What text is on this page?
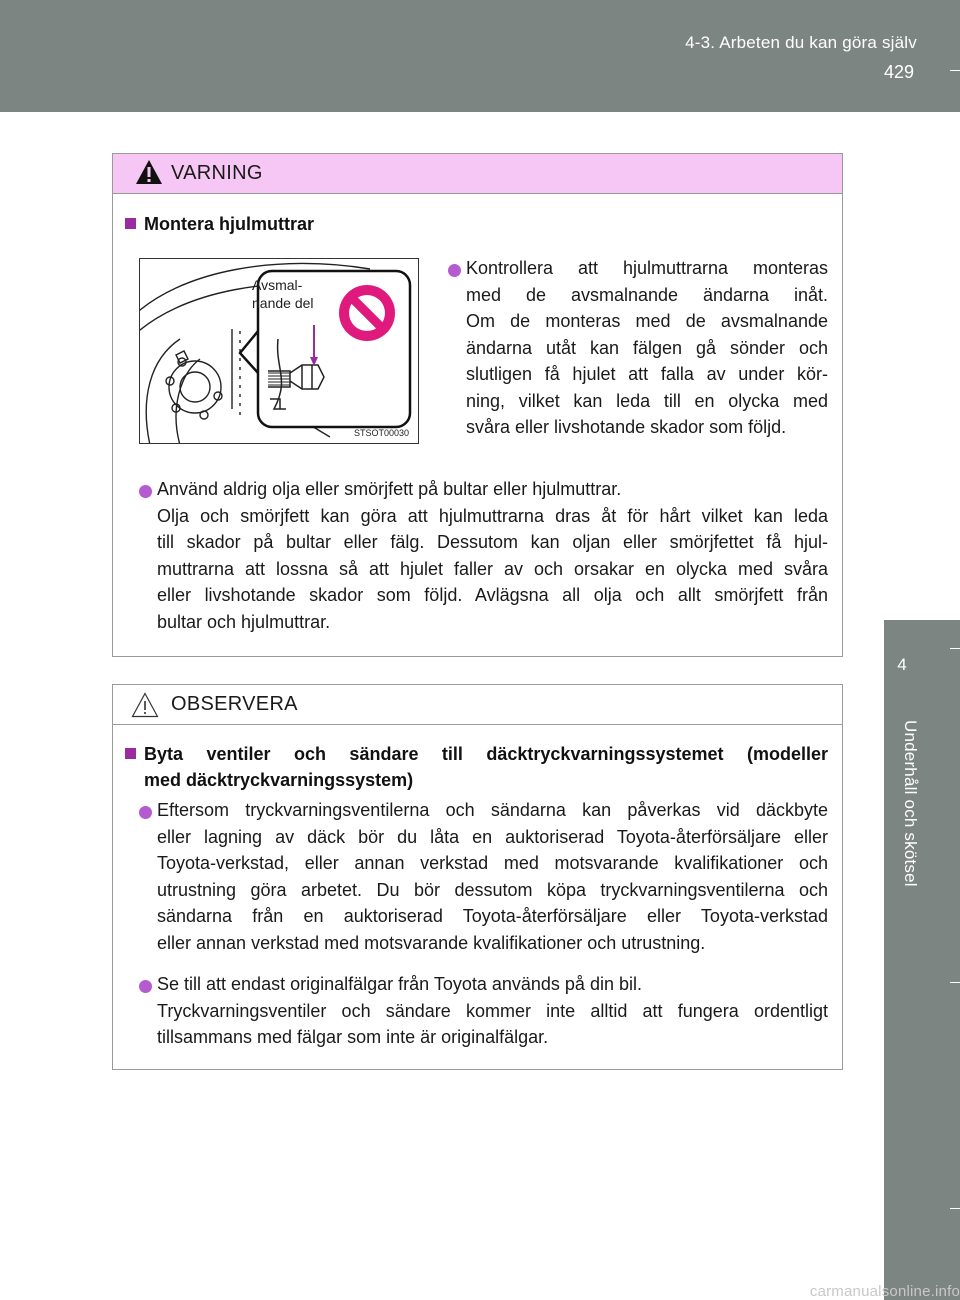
4-3. Arbeten du kan göra själv
429
4
Underhåll och skötsel
VARNING
Montera hjulmuttrar
Avsmal-
nande del
STSOT00030
Kontrollera att hjulmuttrarna monteras
med de avsmalnande ändarna inåt.
Om de monteras med de avsmalnande
ändarna utåt kan fälgen gå sönder och
slutligen få hjulet att falla av under kör-
ning, vilket kan leda till en olycka med
svåra eller livshotande skador som följd.
Använd aldrig olja eller smörjfett på bultar eller hjulmuttrar.
Olja och smörjfett kan göra att hjulmuttrarna dras åt för hårt vilket kan leda
till skador på bultar eller fälg. Dessutom kan oljan eller smörjfettet få hjul-
muttrarna att lossna så att hjulet faller av och orsakar en olycka med svåra
eller livshotande skador som följd. Avlägsna all olja och allt smörjfett från
bultar och hjulmuttrar.
OBSERVERA
Byta ventiler och sändare till däcktryckvarningssystemet (modeller
med däcktryckvarningssystem)
Eftersom tryckvarningsventilerna och sändarna kan påverkas vid däckbyte
eller lagning av däck bör du låta en auktoriserad Toyota-återförsäljare eller
Toyota-verkstad, eller annan verkstad med motsvarande kvalifikationer och
utrustning göra arbetet. Du bör dessutom köpa tryckvarningsventilerna och
sändarna från en auktoriserad Toyota-återförsäljare eller Toyota-verkstad
eller annan verkstad med motsvarande kvalifikationer och utrustning.
Se till att endast originalfälgar från Toyota används på din bil.
Tryckvarningsventiler och sändare kommer inte alltid att fungera ordentligt
tillsammans med fälgar som inte är originalfälgar.
carmanualsonline.info
